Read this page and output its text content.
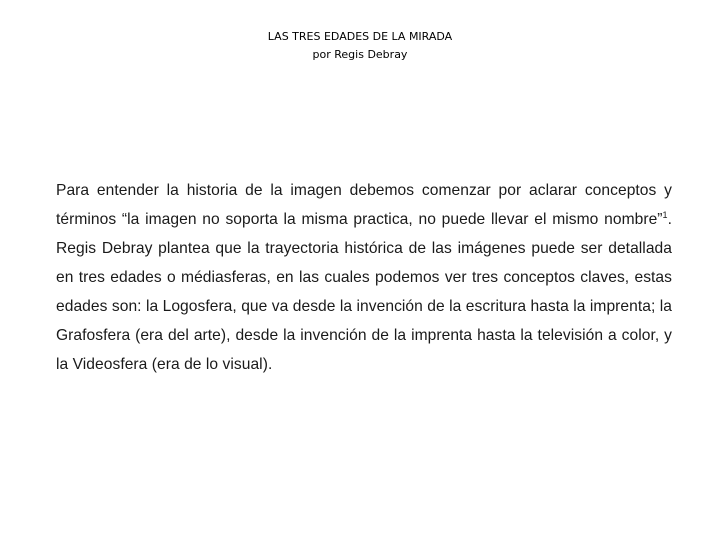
LAS TRES EDADES DE LA MIRADA
por Regis Debray

Para entender la historia de la imagen debemos comenzar por aclarar conceptos y términos “la imagen no soporta la misma practica, no puede llevar el mismo nombre”$^1$. Regis Debray plantea que la trayectoria histórica de las imágenes puede ser detallada en tres edades o médiasferas, en las cuales podemos ver tres conceptos claves, estas edades son: la Logosfera, que va desde la invención de la escritura hasta la imprenta; la Grafosfera (era del arte), desde la invención de la imprenta hasta la televisión a color, y la Videosfera (era de lo visual).
